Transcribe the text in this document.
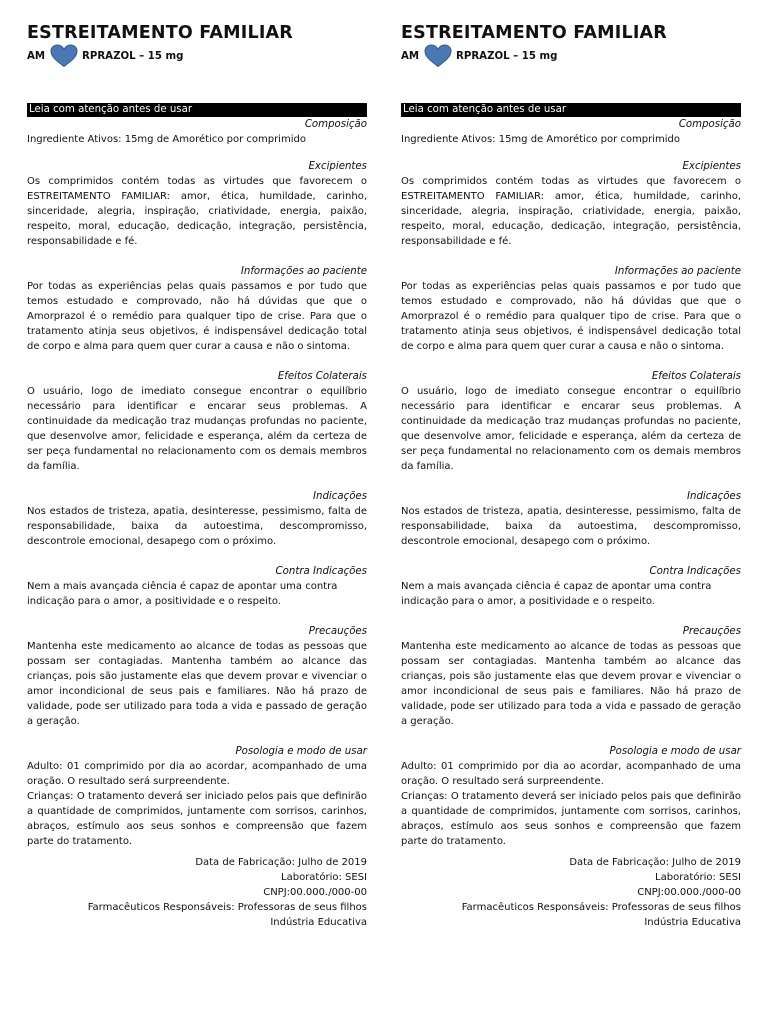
ESTREITAMENTO FAMILIAR
AM	RPRAZOL – 15 mg
Leia com atenção antes de usar
Composição

Ingrediente Ativos: 15mg de Amorético por comprimido

Excipientes

Os comprimidos contém todas as virtudes que favorecem o ESTREITAMENTO FAMILIAR: amor, ética, humildade, carinho, sinceridade, alegria, inspiração, criatividade, energia, paixão, respeito, moral, educação, dedicação, integração, persistência, responsabilidade e fé.

Informações ao paciente

Por todas as experiências pelas quais passamos e por tudo que temos estudado e comprovado, não há dúvidas que que o Amorprazol é o remédio para qualquer tipo de crise. Para que o tratamento atinja seus objetivos, é indispensável dedicação total de corpo e alma para quem quer curar a causa e não o sintoma.

Efeitos Colaterais

O usuário, logo de imediato consegue encontrar o equilíbrio necessário para identificar e encarar seus problemas. A continuidade da medicação traz mudanças profundas no paciente, que desenvolve amor, felicidade e esperança, além da certeza de ser peça fundamental no relacionamento com os demais membros da família.

Indicações

Nos estados de tristeza, apatia, desinteresse, pessimismo, falta de responsabilidade, baixa da autoestima, descompromisso, descontrole emocional, desapego com o próximo.

Contra Indicações

Nem a mais avançada ciência é capaz de apontar uma contra indicação para o amor, a positividade e o respeito.

Precauções

Mantenha este medicamento ao alcance de todas as pessoas que possam ser contagiadas. Mantenha também ao alcance das crianças, pois são justamente elas que devem provar e vivenciar o amor incondicional de seus pais e familiares. Não há prazo de validade, pode ser utilizado para toda a vida e passado de geração a geração.

Posologia e modo de usar

Adulto: 01 comprimido por dia ao acordar, acompanhado de uma oração. O resultado será surpreendente.

Crianças: O tratamento deverá ser iniciado pelos pais que definirão a quantidade de comprimidos, juntamente com sorrisos, carinhos, abraços, estímulo aos seus sonhos e compreensão que fazem parte do tratamento.

Data de Fabricação: Julho de 2019
Laboratório: SESI
CNPJ:00.000./000-00
Farmacêuticos Responsáveis: Professoras de seus filhos
Indústria Educativa
ESTREITAMENTO FAMILIAR
AM	RPRAZOL – 15 mg
Leia com atenção antes de usar
Composição

Ingrediente Ativos: 15mg de Amorético por comprimido

Excipientes

Os comprimidos contém todas as virtudes que favorecem o ESTREITAMENTO FAMILIAR: amor, ética, humildade, carinho, sinceridade, alegria, inspiração, criatividade, energia, paixão, respeito, moral, educação, dedicação, integração, persistência, responsabilidade e fé.

Informações ao paciente

Por todas as experiências pelas quais passamos e por tudo que temos estudado e comprovado, não há dúvidas que que o Amorprazol é o remédio para qualquer tipo de crise. Para que o tratamento atinja seus objetivos, é indispensável dedicação total de corpo e alma para quem quer curar a causa e não o sintoma.

Efeitos Colaterais

O usuário, logo de imediato consegue encontrar o equilíbrio necessário para identificar e encarar seus problemas. A continuidade da medicação traz mudanças profundas no paciente, que desenvolve amor, felicidade e esperança, além da certeza de ser peça fundamental no relacionamento com os demais membros da família.

Indicações

Nos estados de tristeza, apatia, desinteresse, pessimismo, falta de responsabilidade, baixa da autoestima, descompromisso, descontrole emocional, desapego com o próximo.

Contra Indicações

Nem a mais avançada ciência é capaz de apontar uma contra indicação para o amor, a positividade e o respeito.

Precauções

Mantenha este medicamento ao alcance de todas as pessoas que possam ser contagiadas. Mantenha também ao alcance das crianças, pois são justamente elas que devem provar e vivenciar o amor incondicional de seus pais e familiares. Não há prazo de validade, pode ser utilizado para toda a vida e passado de geração a geração.

Posologia e modo de usar

Adulto: 01 comprimido por dia ao acordar, acompanhado de uma oração. O resultado será surpreendente.

Crianças: O tratamento deverá ser iniciado pelos pais que definirão a quantidade de comprimidos, juntamente com sorrisos, carinhos, abraços, estímulo aos seus sonhos e compreensão que fazem parte do tratamento.

Data de Fabricação: Julho de 2019
Laboratório: SESI
CNPJ:00.000./000-00
Farmacêuticos Responsáveis: Professoras de seus filhos
Indústria Educativa
